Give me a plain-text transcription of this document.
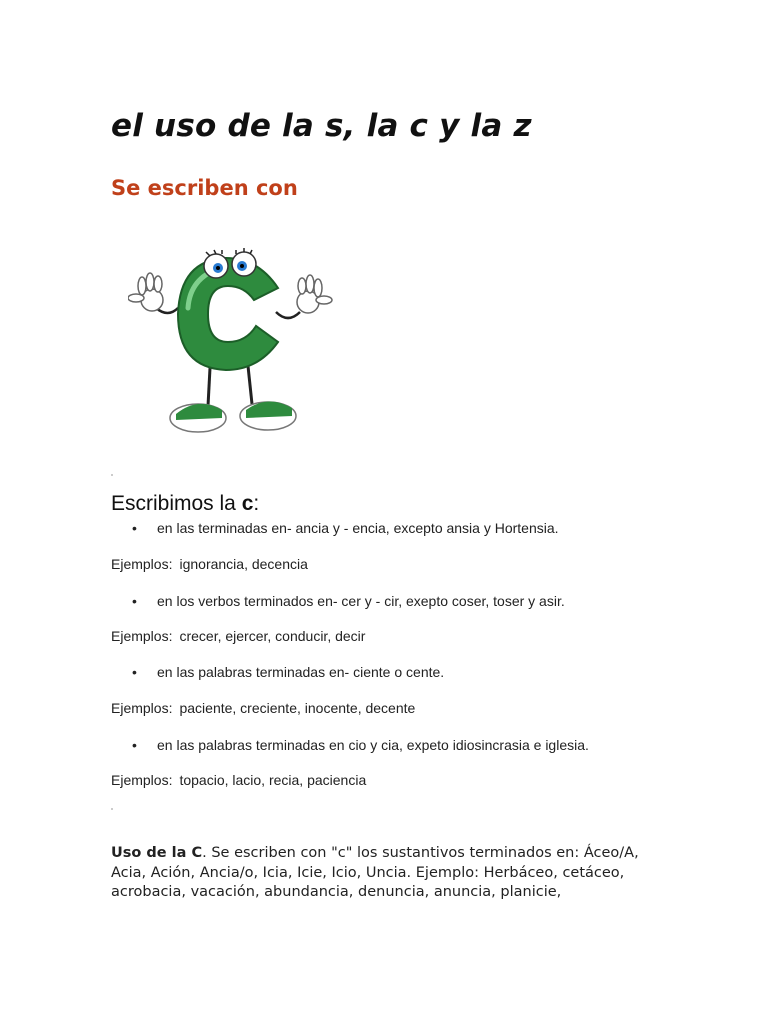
el uso de la s, la c y la z
Se escriben con
Escribimos la c:
• en las terminadas en- ancia y - encia, excepto ansia y Hortensia.
Ejemplos: ignorancia, decencia
• en los verbos terminados en- cer y - cir, exepto coser, toser y asir.
Ejemplos: crecer, ejercer, conducir, decir
• en las palabras terminadas en- ciente o cente.
Ejemplos: paciente, creciente, inocente, decente
• en las palabras terminadas en cio y cia, expeto idiosincrasia e iglesia.
Ejemplos: topacio, lacio, recia, paciencia

Uso de la C. Se escriben con "c" los sustantivos terminados en: Áceo/A, Acia, Ación, Ancia/o, Icia, Icie, Icio, Uncia. Ejemplo: Herbáceo, cetáceo, acrobacia, vacación, abundancia, denuncia, anuncia, planicie,
